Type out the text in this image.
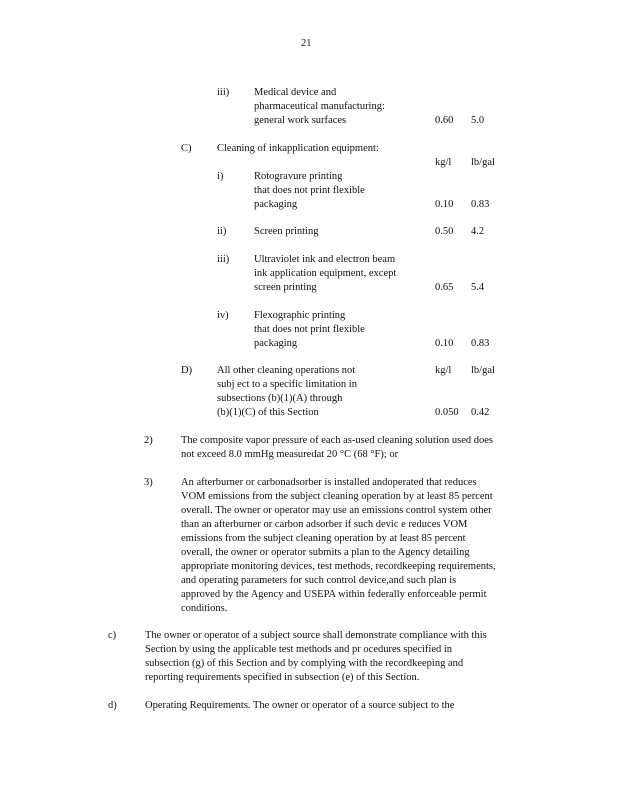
21
iii) Medical device and
pharmaceutical manufacturing:
general work surfaces	0.60 5.0
C) Cleaning of inkapplication equipment:
kg/l lb/gal
i)	Rotogravure printing
that does not print flexible
packaging	0.10 0.83
ii)	Screen printing	0.50 4.2
iii) Ultraviolet ink and electron beam
ink application equipment, except
screen printing	0.65 5.4
iv) Flexographic printing
that does not print flexible
packaging	0.10 0.83
D) All other cleaning operations not
subj ect to a specific limitation in
subsections (b)(1)(A) through
(b)(1)(C) of this Section
kg/l lb/gal
0.050 0.42
2)	The composite vapor pressure of each as-used cleaning solution used does
not exceed 8.0 mmHg measuredat 20 °C (68 °F); or
3)	An afterburner or carbonadsorber is installed andoperated that reduces
VOM emissions from the subject cleaning operation by at least 85 percent
overall. The owner or operator may use an emissions control system other
than an afterburner or carbon adsorber if such devic e reduces VOM
emissions from the subject cleaning operation by at least 85 percent
overall, the owner or operator submits a plan to the Agency detailing
appropriate monitoring devices, test methods, recordkeeping requirements,
and operating parameters for such control device,and such plan is
approved by the Agency and USEPA within federally enforceable permit
conditions.
c)	The owner or operator of a subject source shall demonstrate compliance with this
Section by using the applicable test methods and pr ocedures specified in
subsection (g) of this Section and by complying with the recordkeeping and
reporting requirements specified in subsection (e) of this Section.
d)	Operating Requirements. The owner or operator of a source subject to the
